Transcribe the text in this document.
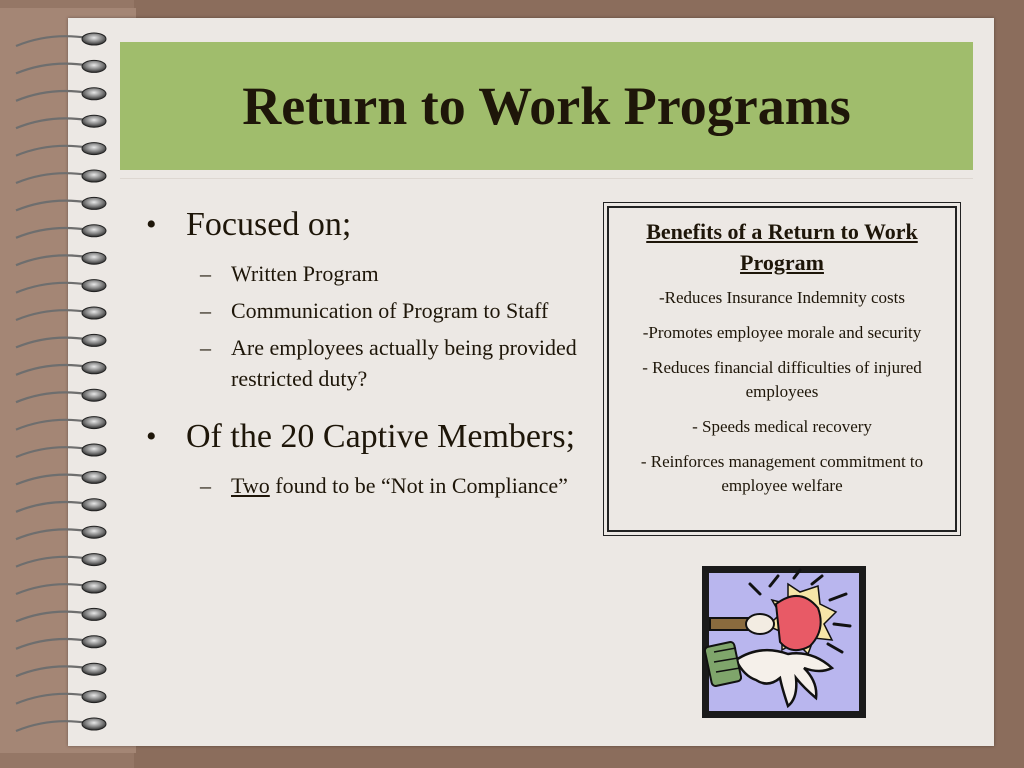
Return to Work Programs
• Focused on;
– Written Program
– Communication of Program to Staff
– Are employees actually being provided restricted duty?
• Of the 20 Captive Members;
– Two found to be “Not in Compliance”
Benefits of a Return to Work Program

-Reduces Insurance Indemnity costs

-Promotes employee morale and security

- Reduces financial difficulties of injured employees

- Speeds medical recovery

- Reinforces management commitment to employee welfare
